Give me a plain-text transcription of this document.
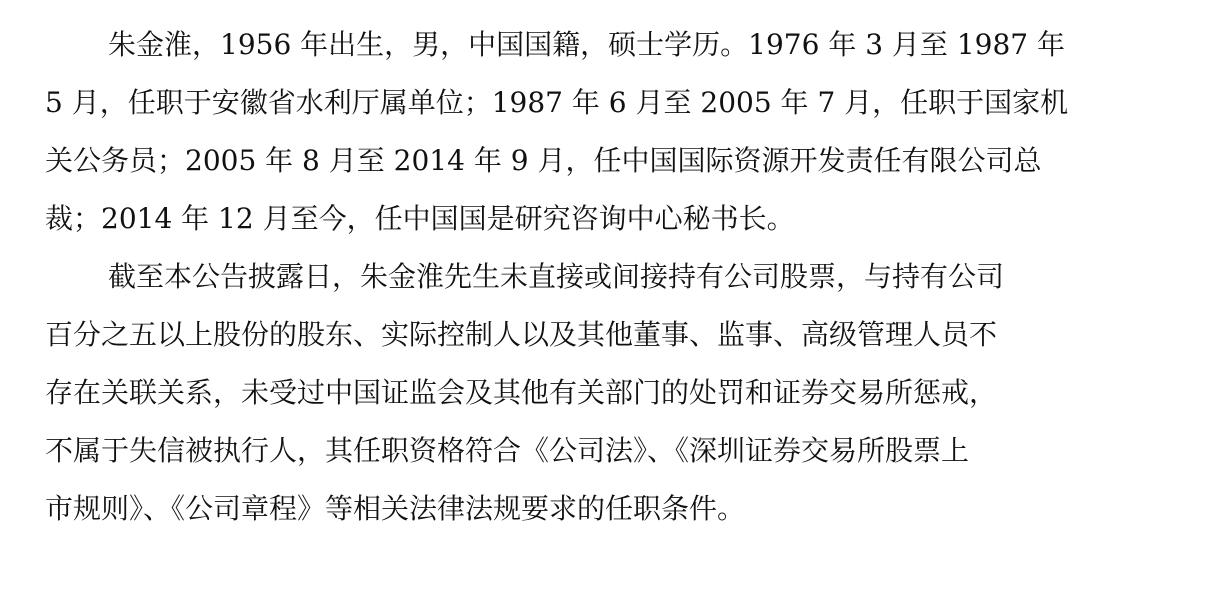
朱金淮，1956 年出生，男，中国国籍，硕士学历。1976 年 3 月至 1987 年
5 月，任职于安徽省水利厅属单位；1987 年 6 月至 2005 年 7 月，任职于国家机
关公务员；2005 年 8 月至 2014 年 9 月，任中国国际资源开发责任有限公司总
裁；2014 年 12 月至今，任中国国是研究咨询中心秘书长。
截至本公告披露日，朱金淮先生未直接或间接持有公司股票，与持有公司
百分之五以上股份的股东、实际控制人以及其他董事、监事、高级管理人员不
存在关联关系，未受过中国证监会及其他有关部门的处罚和证券交易所惩戒，
不属于失信被执行人，其任职资格符合《公司法》、《深圳证券交易所股票上
市规则》、《公司章程》等相关法律法规要求的任职条件。
